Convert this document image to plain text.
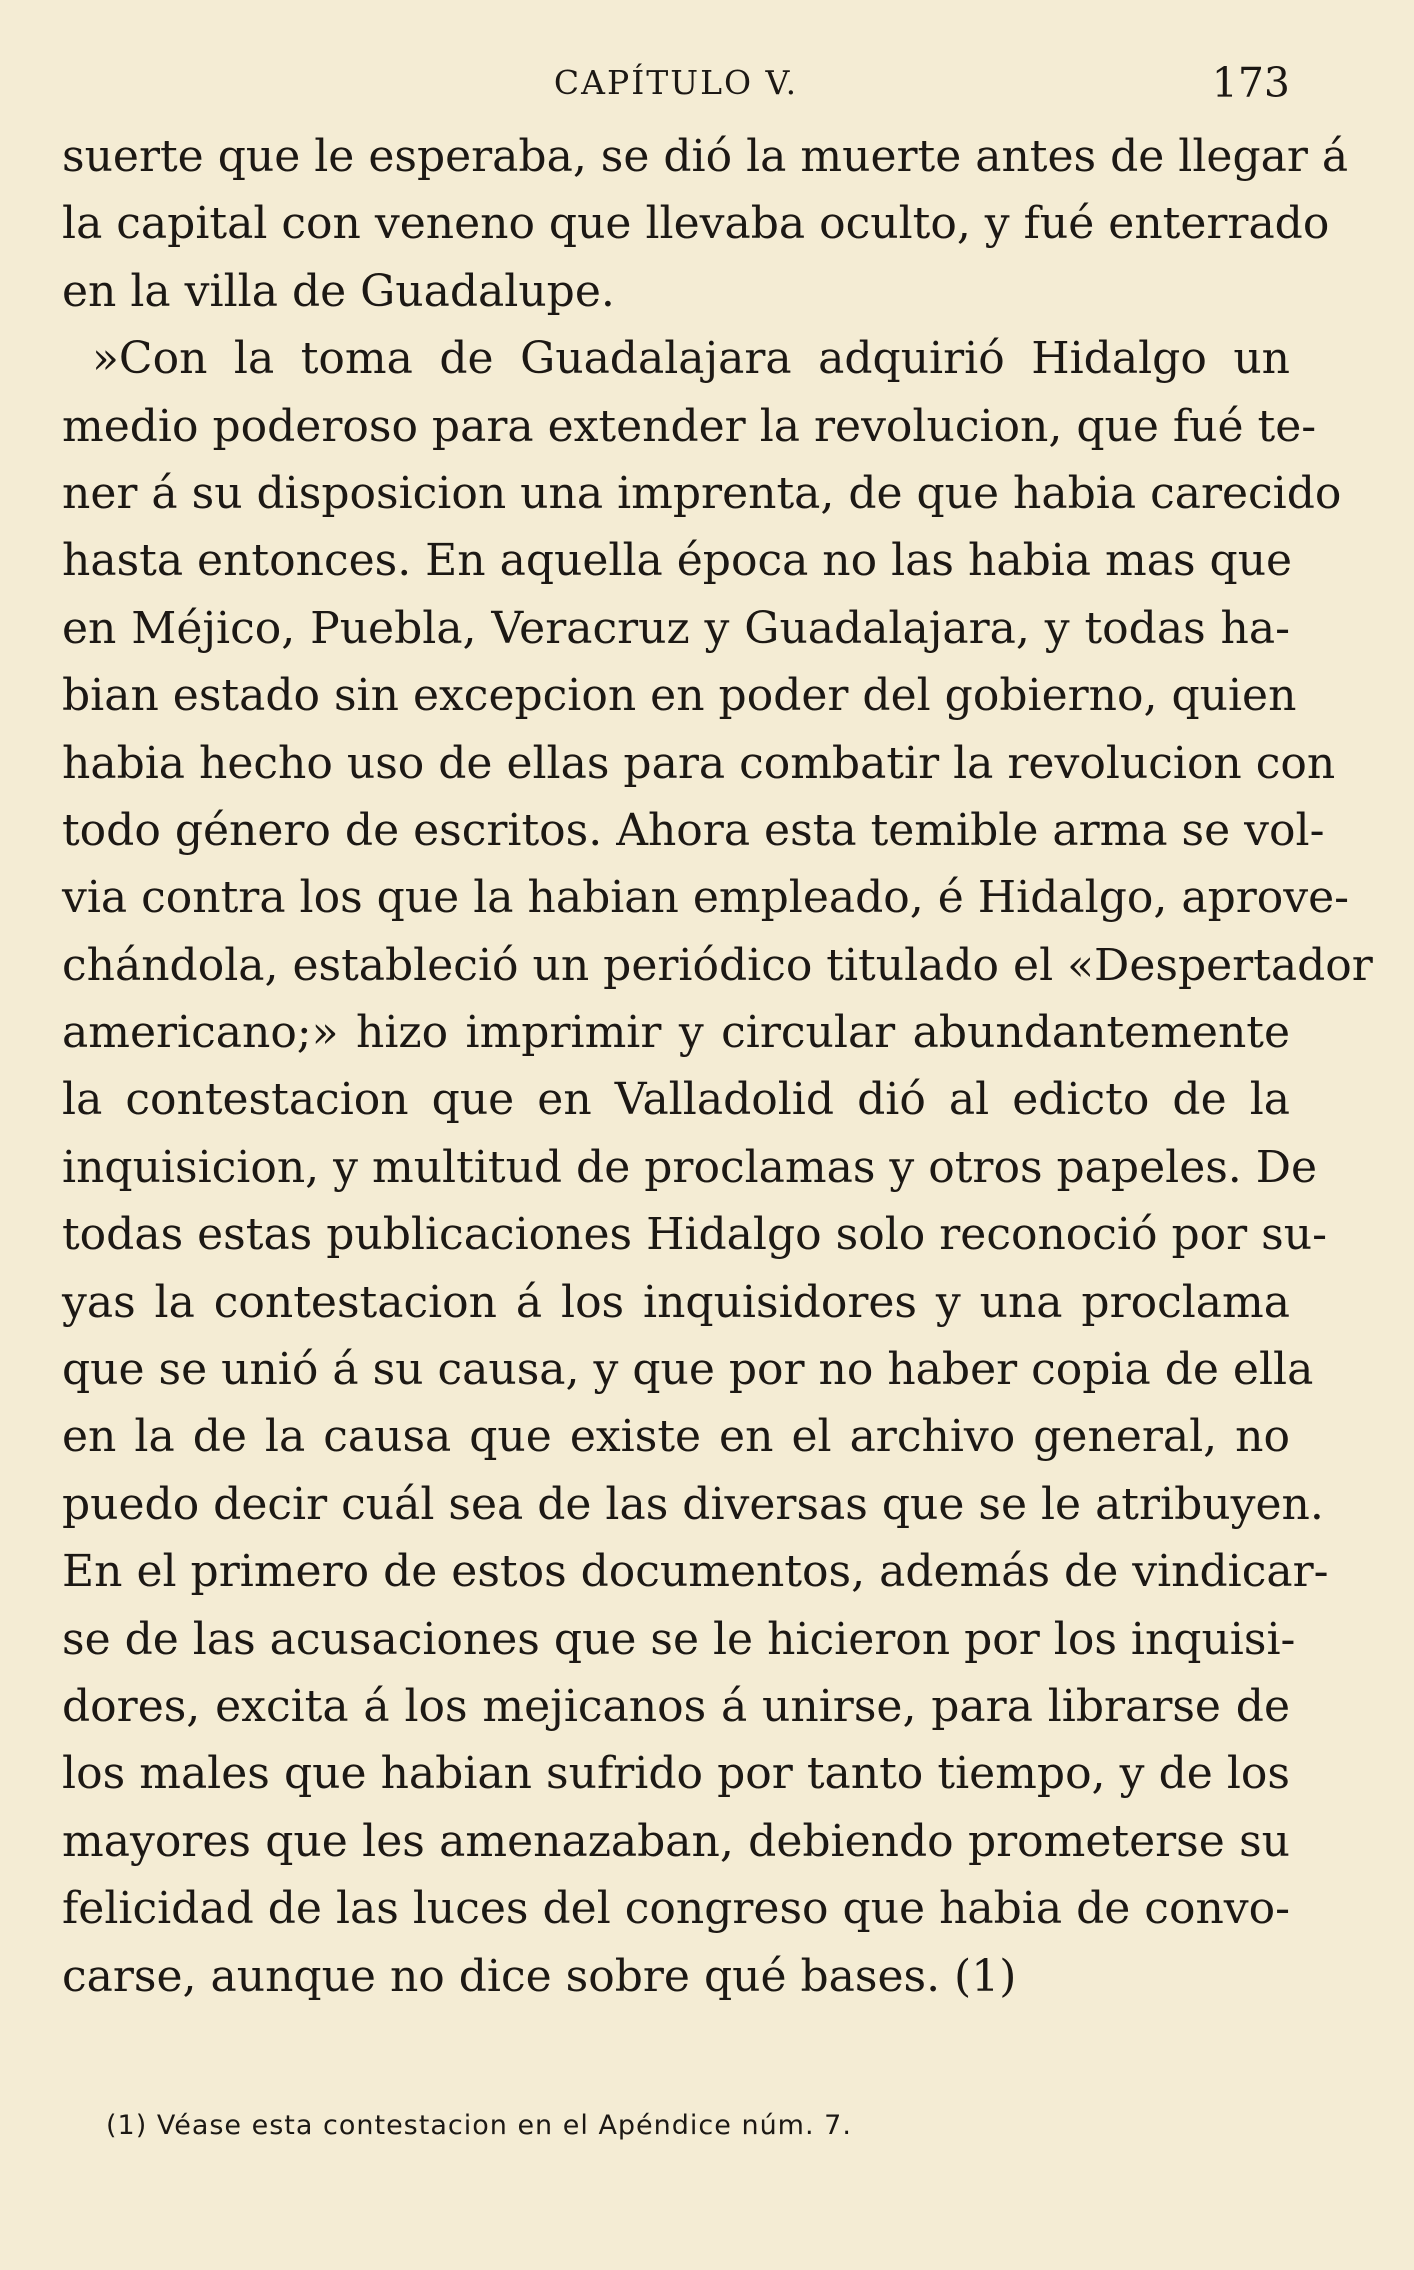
CAPÍTULO V.	173
suerte que le esperaba, se dió la muerte antes de llegar á
la capital con veneno que llevaba oculto, y fué enterrado
en la villa de Guadalupe.
»Con la toma de Guadalajara adquirió Hidalgo un
medio poderoso para extender la revolucion, que fué te-
ner á su disposicion una imprenta, de que habia carecido
hasta entonces. En aquella época no las habia mas que
en Méjico, Puebla, Veracruz y Guadalajara, y todas ha-
bian estado sin excepcion en poder del gobierno, quien
habia hecho uso de ellas para combatir la revolucion con
todo género de escritos. Ahora esta temible arma se vol-
via contra los que la habian empleado, é Hidalgo, aprove-
chándola, estableció un periódico titulado el «Despertador
americano;» hizo imprimir y circular abundantemente
la contestacion que en Valladolid dió al edicto de la
inquisicion, y multitud de proclamas y otros papeles. De
todas estas publicaciones Hidalgo solo reconoció por su-
yas la contestacion á los inquisidores y una proclama
que se unió á su causa, y que por no haber copia de ella
en la de la causa que existe en el archivo general, no
puedo decir cuál sea de las diversas que se le atribuyen.
En el primero de estos documentos, además de vindicar-
se de las acusaciones que se le hicieron por los inquisi-
dores, excita á los mejicanos á unirse, para librarse de
los males que habian sufrido por tanto tiempo, y de los
mayores que les amenazaban, debiendo prometerse su
felicidad de las luces del congreso que habia de convo-
carse, aunque no dice sobre qué bases. (1)
(1) Véase esta contestacion en el Apéndice núm. 7.
